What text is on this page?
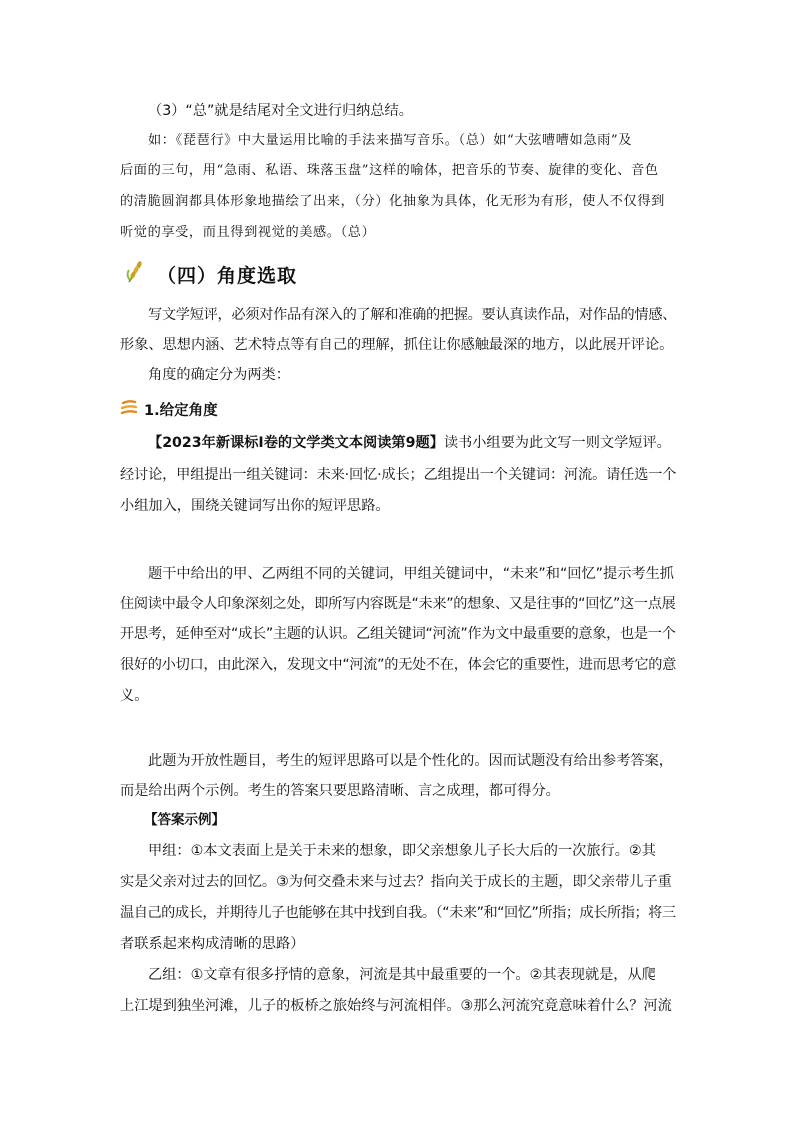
（3）“总”就是结尾对全文进行归纳总结。
如：《琵琶行》中大量运用比喻的手法来描写音乐。（总）如“大弦嘈嘈如急雨”及
后面的三句，用“急雨、私语、珠落玉盘”这样的喻体，把音乐的节奏、旋律的变化、音色
的清脆圆润都具体形象地描绘了出来，（分）化抽象为具体，化无形为有形，使人不仅得到
听觉的享受，而且得到视觉的美感。（总）
（四）角度选取
写文学短评，必须对作品有深入的了解和准确的把握。要认真读作品，对作品的情感、
形象、思想内涵、艺术特点等有自己的理解，抓住让你感触最深的地方，以此展开评论。
角度的确定分为两类：
1.给定角度
【2023年新课标Ⅰ卷的文学类文本阅读第9题】读书小组要为此文写一则文学短评。
经讨论，甲组提出一组关键词：未来·回忆·成长；乙组提出一个关键词：河流。请任选一个
小组加入，围绕关键词写出你的短评思路。
题干中给出的甲、乙两组不同的关键词，甲组关键词中，“未来”和“回忆”提示考生抓
住阅读中最令人印象深刻之处，即所写内容既是“未来”的想象、又是往事的“回忆”这一点展
开思考，延伸至对“成长”主题的认识。乙组关键词“河流”作为文中最重要的意象，也是一个
很好的小切口，由此深入，发现文中“河流”的无处不在，体会它的重要性，进而思考它的意
义。
此题为开放性题目，考生的短评思路可以是个性化的。因而试题没有给出参考答案，
而是给出两个示例。考生的答案只要思路清晰、言之成理，都可得分。
【答案示例】
甲组：①本文表面上是关于未来的想象，即父亲想象儿子长大后的一次旅行。②其
实是父亲对过去的回忆。③为何交叠未来与过去？指向关于成长的主题，即父亲带儿子重
温自己的成长，并期待儿子也能够在其中找到自我。（“未来”和“回忆”所指；成长所指；将三
者联系起来构成清晰的思路）
乙组：①文章有很多抒情的意象，河流是其中最重要的一个。②其表现就是，从爬
上江堤到独坐河滩，儿子的板桥之旅始终与河流相伴。③那么河流究竟意味着什么？河流
